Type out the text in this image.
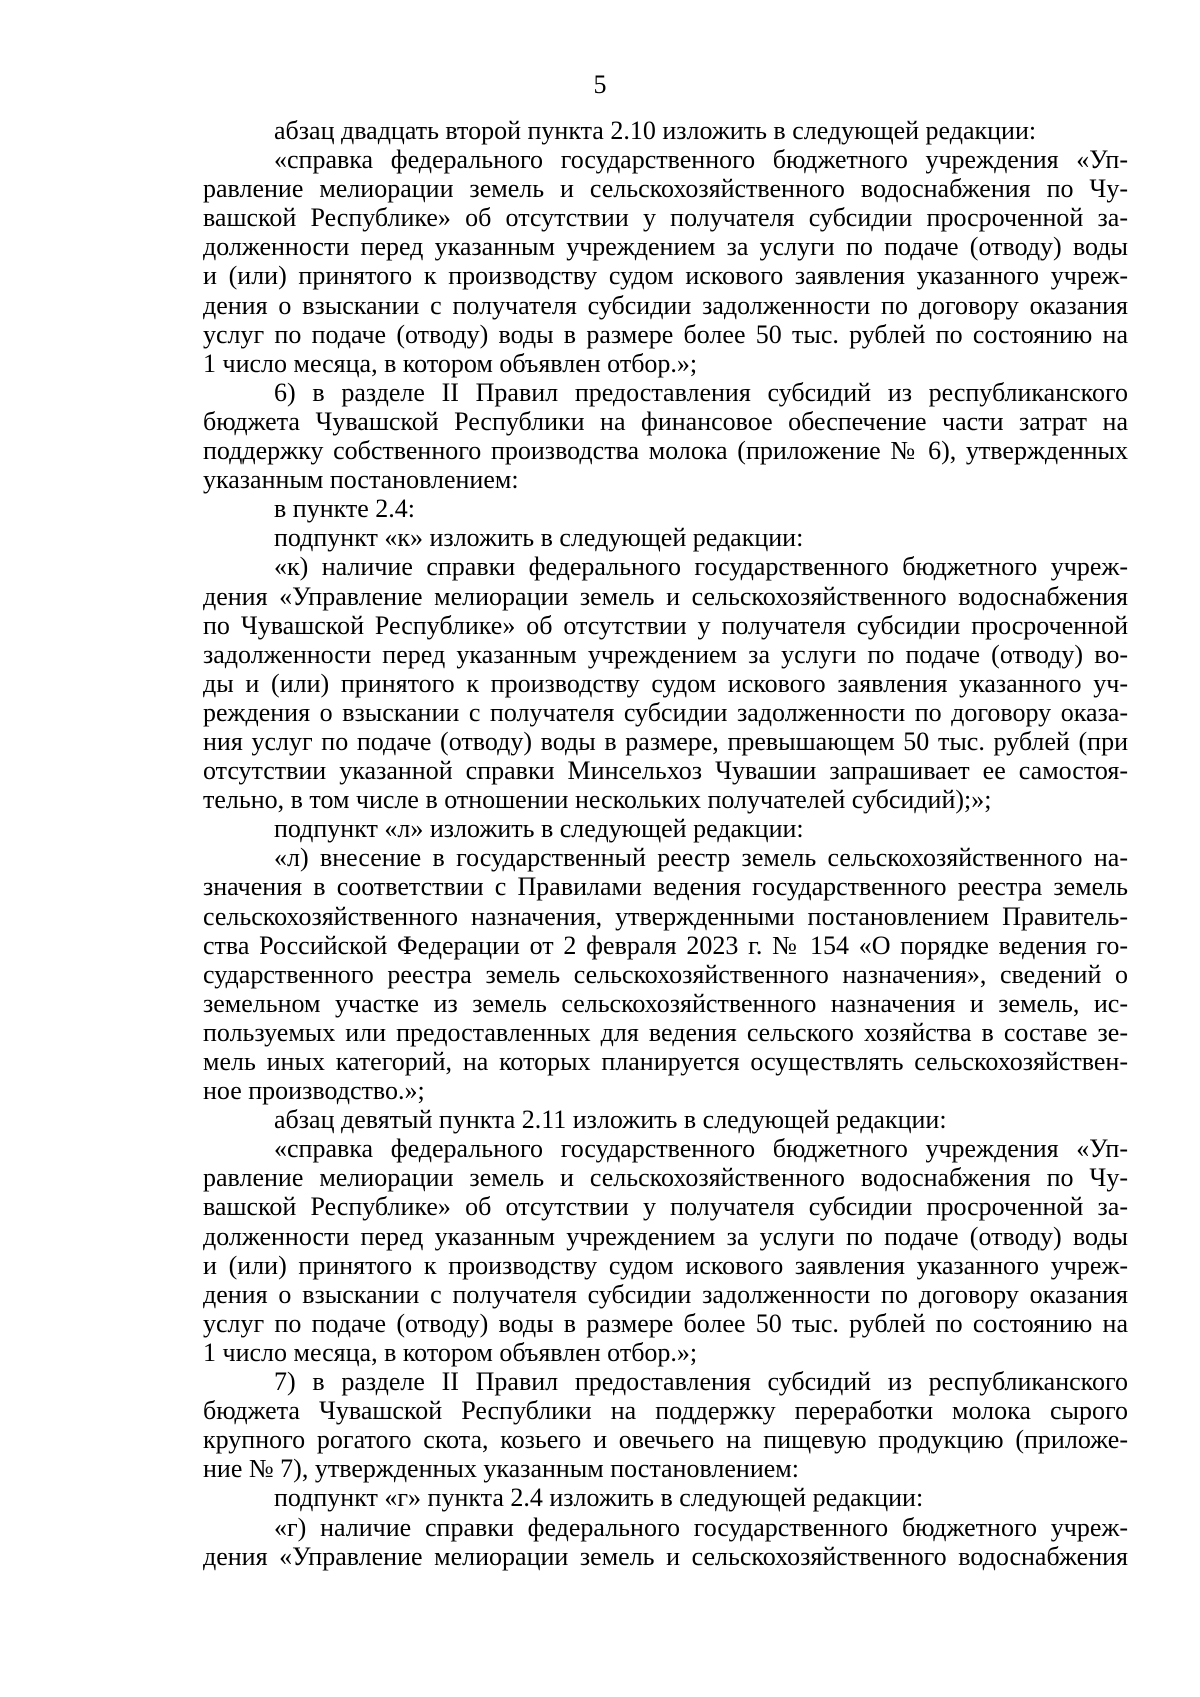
5
абзац двадцать второй пункта 2.10 изложить в следующей редакции:
«справка федерального государственного бюджетного учреждения «Уп-
равление мелиорации земель и сельскохозяйственного водоснабжения по Чу-
вашской Республике» об отсутствии у получателя субсидии просроченной за-
долженности перед указанным учреждением за услуги по подаче (отводу) воды
и (или) принятого к производству судом искового заявления указанного учреж-
дения о взыскании с получателя субсидии задолженности по договору оказания
услуг по подаче (отводу) воды в размере более 50 тыс. рублей по состоянию на
1 число месяца, в котором объявлен отбор.»;
6) в разделе II Правил предоставления субсидий из республиканского
бюджета Чувашской Республики на финансовое обеспечение части затрат на
поддержку собственного производства молока (приложение № 6), утвержденных
указанным постановлением:
в пункте 2.4:
подпункт «к» изложить в следующей редакции:
«к) наличие справки федерального государственного бюджетного учреж-
дения «Управление мелиорации земель и сельскохозяйственного водоснабжения
по Чувашской Республике» об отсутствии у получателя субсидии просроченной
задолженности перед указанным учреждением за услуги по подаче (отводу) во-
ды и (или) принятого к производству судом искового заявления указанного уч-
реждения о взыскании с получателя субсидии задолженности по договору оказа-
ния услуг по подаче (отводу) воды в размере, превышающем 50 тыс. рублей (при
отсутствии указанной справки Минсельхоз Чувашии запрашивает ее самостоя-
тельно, в том числе в отношении нескольких получателей субсидий);»;
подпункт «л» изложить в следующей редакции:
«л) внесение в государственный реестр земель сельскохозяйственного на-
значения в соответствии с Правилами ведения государственного реестра земель
сельскохозяйственного назначения, утвержденными постановлением Правитель-
ства Российской Федерации от 2 февраля 2023 г. № 154 «О порядке ведения го-
сударственного реестра земель сельскохозяйственного назначения», сведений о
земельном участке из земель сельскохозяйственного назначения и земель, ис-
пользуемых или предоставленных для ведения сельского хозяйства в составе зе-
мель иных категорий, на которых планируется осуществлять сельскохозяйствен-
ное производство.»;
абзац девятый пункта 2.11 изложить в следующей редакции:
«справка федерального государственного бюджетного учреждения «Уп-
равление мелиорации земель и сельскохозяйственного водоснабжения по Чу-
вашской Республике» об отсутствии у получателя субсидии просроченной за-
долженности перед указанным учреждением за услуги по подаче (отводу) воды
и (или) принятого к производству судом искового заявления указанного учреж-
дения о взыскании с получателя субсидии задолженности по договору оказания
услуг по подаче (отводу) воды в размере более 50 тыс. рублей по состоянию на
1 число месяца, в котором объявлен отбор.»;
7) в разделе II Правил предоставления субсидий из республиканского
бюджета Чувашской Республики на поддержку переработки молока сырого
крупного рогатого скота, козьего и овечьего на пищевую продукцию (приложе-
ние № 7), утвержденных указанным постановлением:
подпункт «г» пункта 2.4 изложить в следующей редакции:
«г) наличие справки федерального государственного бюджетного учреж-
дения «Управление мелиорации земель и сельскохозяйственного водоснабжения
